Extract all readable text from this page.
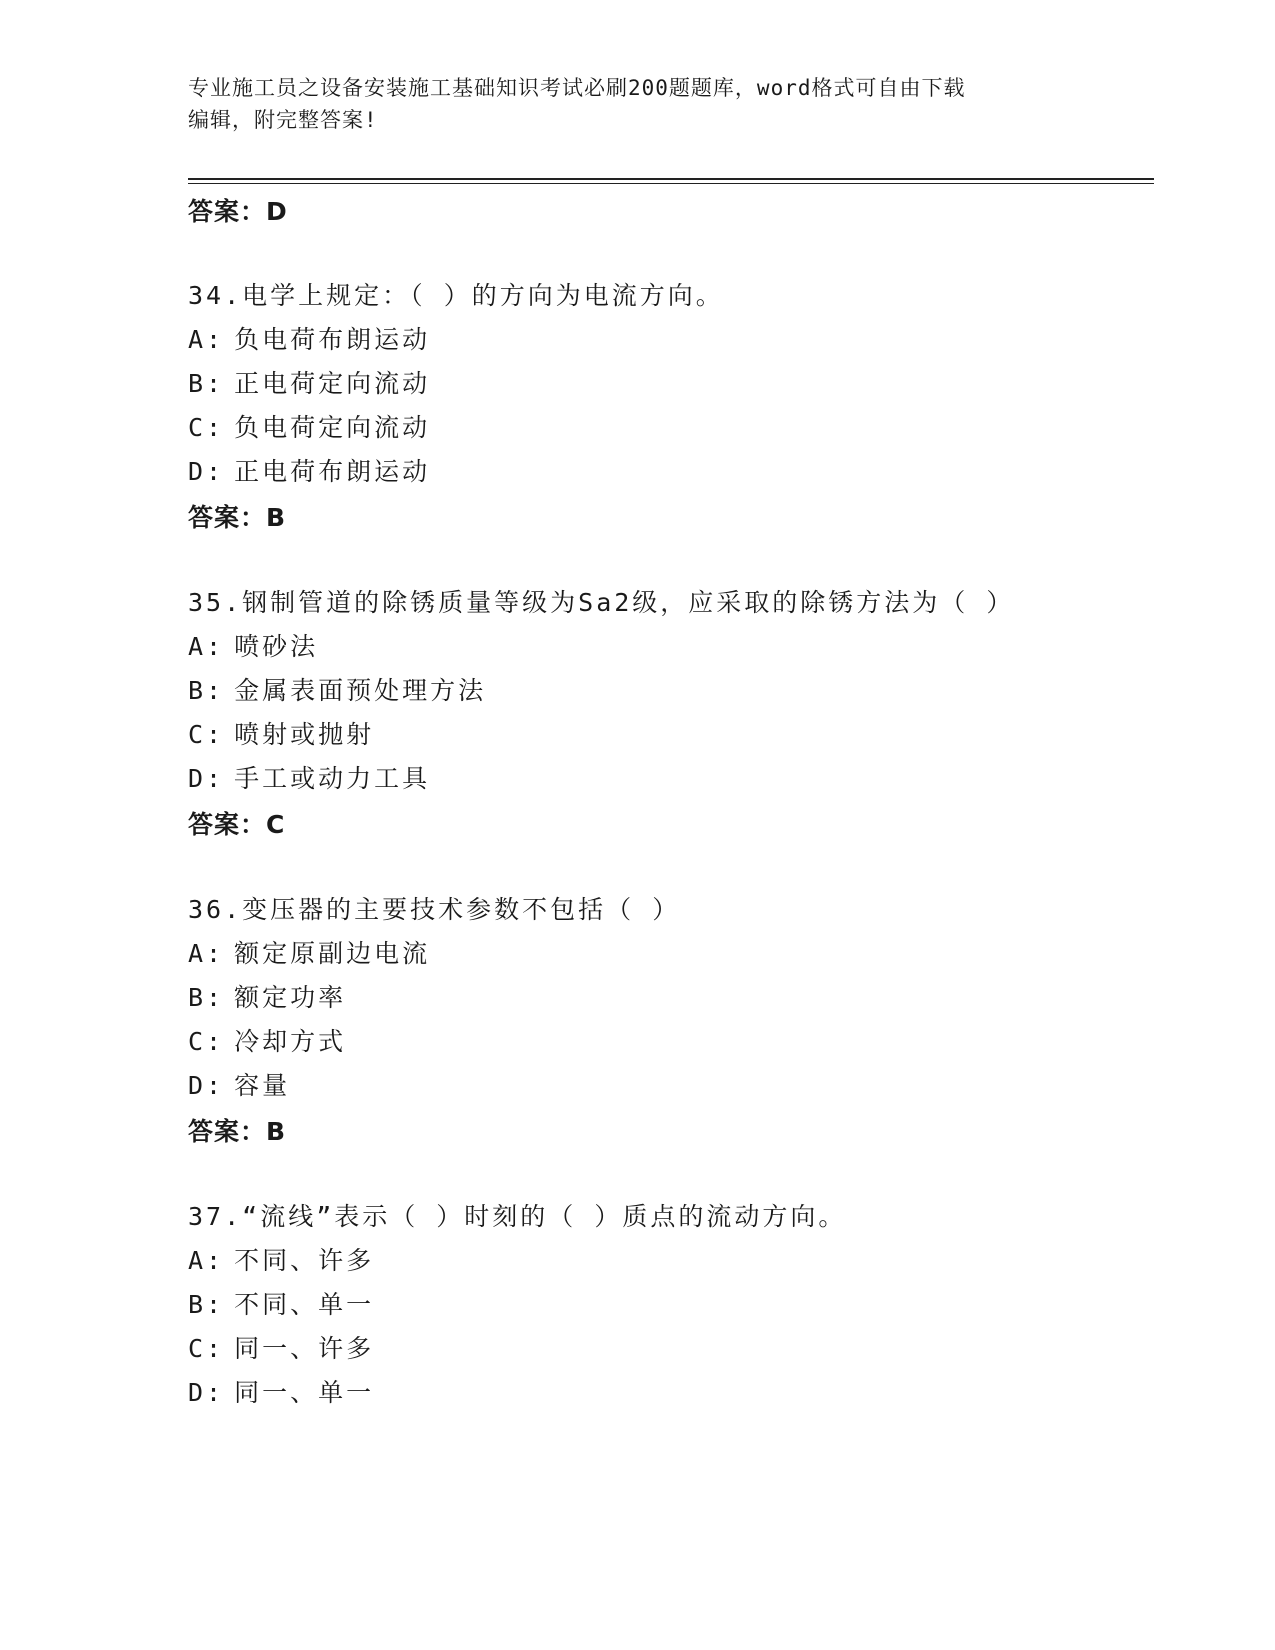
专业施工员之设备安装施工基础知识考试必刷200题题库，word格式可自由下载
编辑，附完整答案!
答案：D
34.电学上规定：（ ）的方向为电流方向。
A: 负电荷布朗运动
B: 正电荷定向流动
C: 负电荷定向流动
D: 正电荷布朗运动
答案：B
35.钢制管道的除锈质量等级为Sa2级，应采取的除锈方法为（ ）
A: 喷砂法
B: 金属表面预处理方法
C: 喷射或抛射
D: 手工或动力工具
答案：C
36.变压器的主要技术参数不包括（ ）
A: 额定原副边电流
B: 额定功率
C: 冷却方式
D: 容量
答案：B
37.“流线”表示（ ）时刻的（ ）质点的流动方向。
A: 不同、许多
B: 不同、单一
C: 同一、许多
D: 同一、单一
